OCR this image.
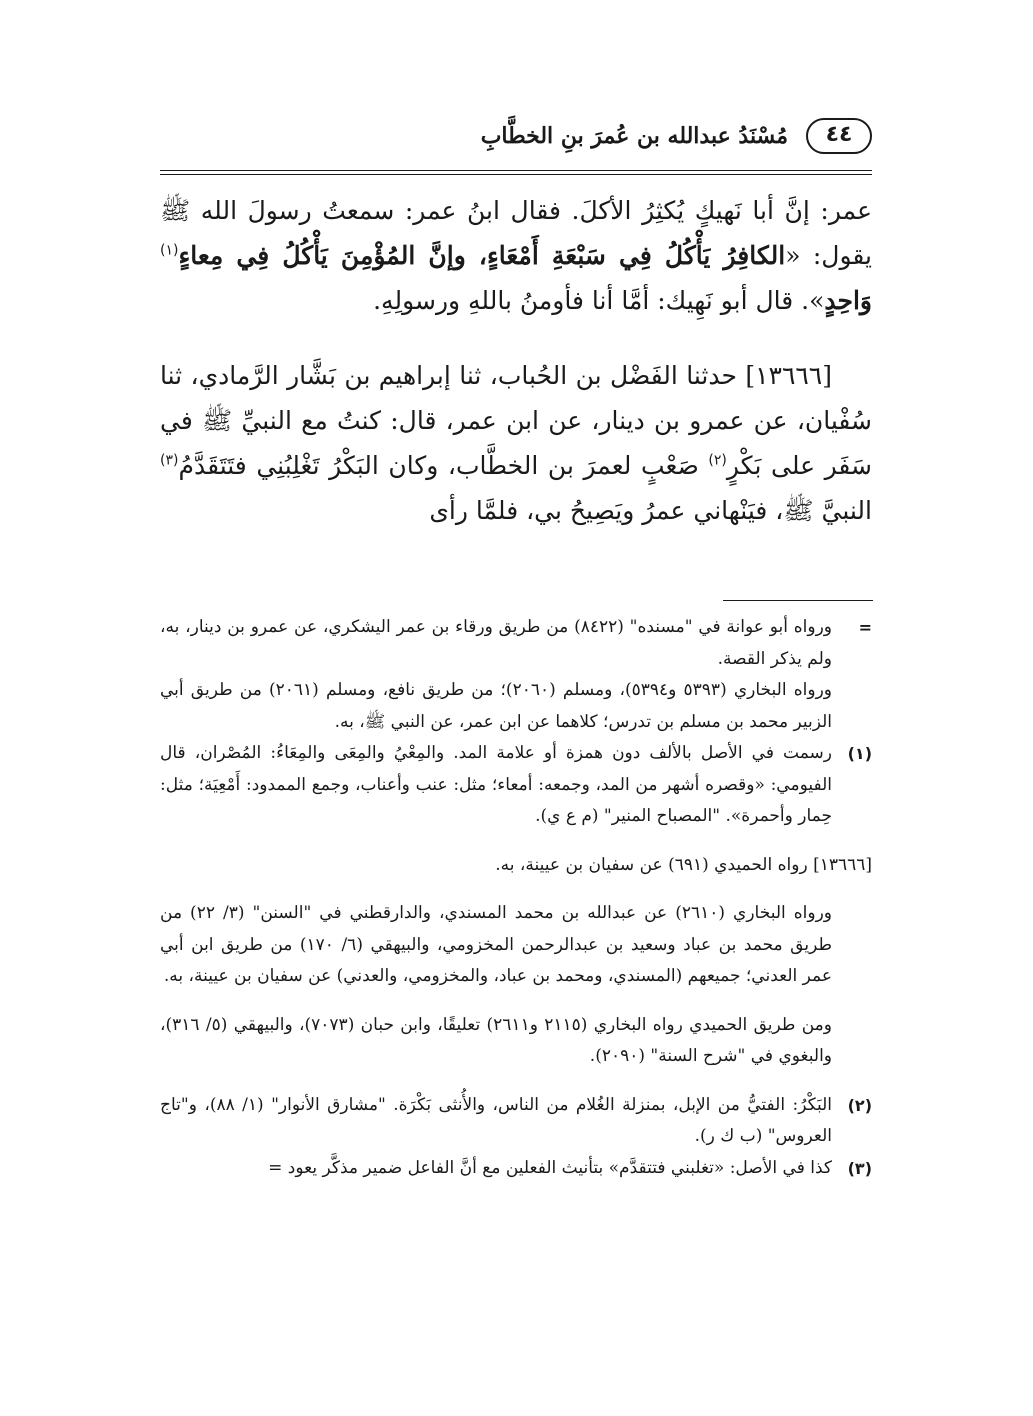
٤٤
مُسْنَدُ عبدالله بن عُمرَ بنِ الخطَّابِ

عمر: إنَّ أبا نَهيكٍ يُكثِرُ الأكلَ. فقال ابنُ عمر: سمعتُ رسولَ الله ﷺ يقول: «الكافِرُ يَأْكُلُ فِي سَبْعَةِ أَمْعَاءٍ، وإنَّ المُؤْمِنَ يَأْكُلُ فِي مِعاءٍ$^{(١)}$ وَاحِدٍ». قال أبو نَهِيك: أمَّا أنا فأومنُ باللهِ ورسولِهِ.

[١٣٦٦٦] حدثنا الفَضْل بن الحُباب، ثنا إبراهيم بن بَشَّار الرَّمادي، ثنا سُفْيان، عن عمرو بن دينار، عن ابن عمر، قال: كنتُ مع النبيِّ ﷺ في سَفَر على بَكْرٍ$^{(٢)}$ صَعْبٍ لعمرَ بن الخطَّاب، وكان البَكْرُ تَغْلِبُنِي فتَتَقَدَّمُ$^{(٣)}$ النبيَّ ﷺ، فيَنْهاني عمرُ ويَصِيحُ بي، فلمَّا رأى

=

ورواه أبو عوانة في "مسنده" (٨٤٢٢) من طريق ورقاء بن عمر اليشكري، عن عمرو بن دينار، به، ولم يذكر القصة.

ورواه البخاري (٥٣٩٣ و٥٣٩٤)، ومسلم (٢٠٦٠)؛ من طريق نافع، ومسلم (٢٠٦١) من طريق أبي الزبير محمد بن مسلم بن تدرس؛ كلاهما عن ابن عمر، عن النبي ﷺ، به.

(١)

رسمت في الأصل بالألف دون همزة أو علامة المد. والمِعْيُ والمِعَى والمِعَاءُ: المُصْران، قال الفيومي: «وقصره أشهر من المد، وجمعه: أمعاء؛ مثل: عنب وأعناب، وجمع الممدود: أَمْعِيَة؛ مثل: حِمار وأحمرة». "المصباح المنير" (م ع ي).

[١٣٦٦٦] رواه الحميدي (٦٩١) عن سفيان بن عيينة، به.

ورواه البخاري (٢٦١٠) عن عبدالله بن محمد المسندي، والدارقطني في "السنن" (٣/ ٢٢) من طريق محمد بن عباد وسعيد بن عبدالرحمن المخزومي، والبيهقي (٦/ ١٧٠) من طريق ابن أبي عمر العدني؛ جميعهم (المسندي، ومحمد بن عباد، والمخزومي، والعدني) عن سفيان بن عيينة، به.

ومن طريق الحميدي رواه البخاري (٢١١٥ و٢٦١١) تعليقًا، وابن حبان (٧٠٧٣)، والبيهقي (٥/ ٣١٦)، والبغوي في "شرح السنة" (٢٠٩٠).

(٢)

البَكْرُ: الفتيُّ من الإبل، بمنزلة الغُلام من الناس، والأُنثى بَكْرَة. "مشارق الأنوار" (١/ ٨٨)، و"تاج العروس" (ب ك ر).

(٣)

كذا في الأصل: «تغلبني فتتقدَّم» بتأنيث الفعلين مع أنَّ الفاعل ضمير مذكَّر يعود =
